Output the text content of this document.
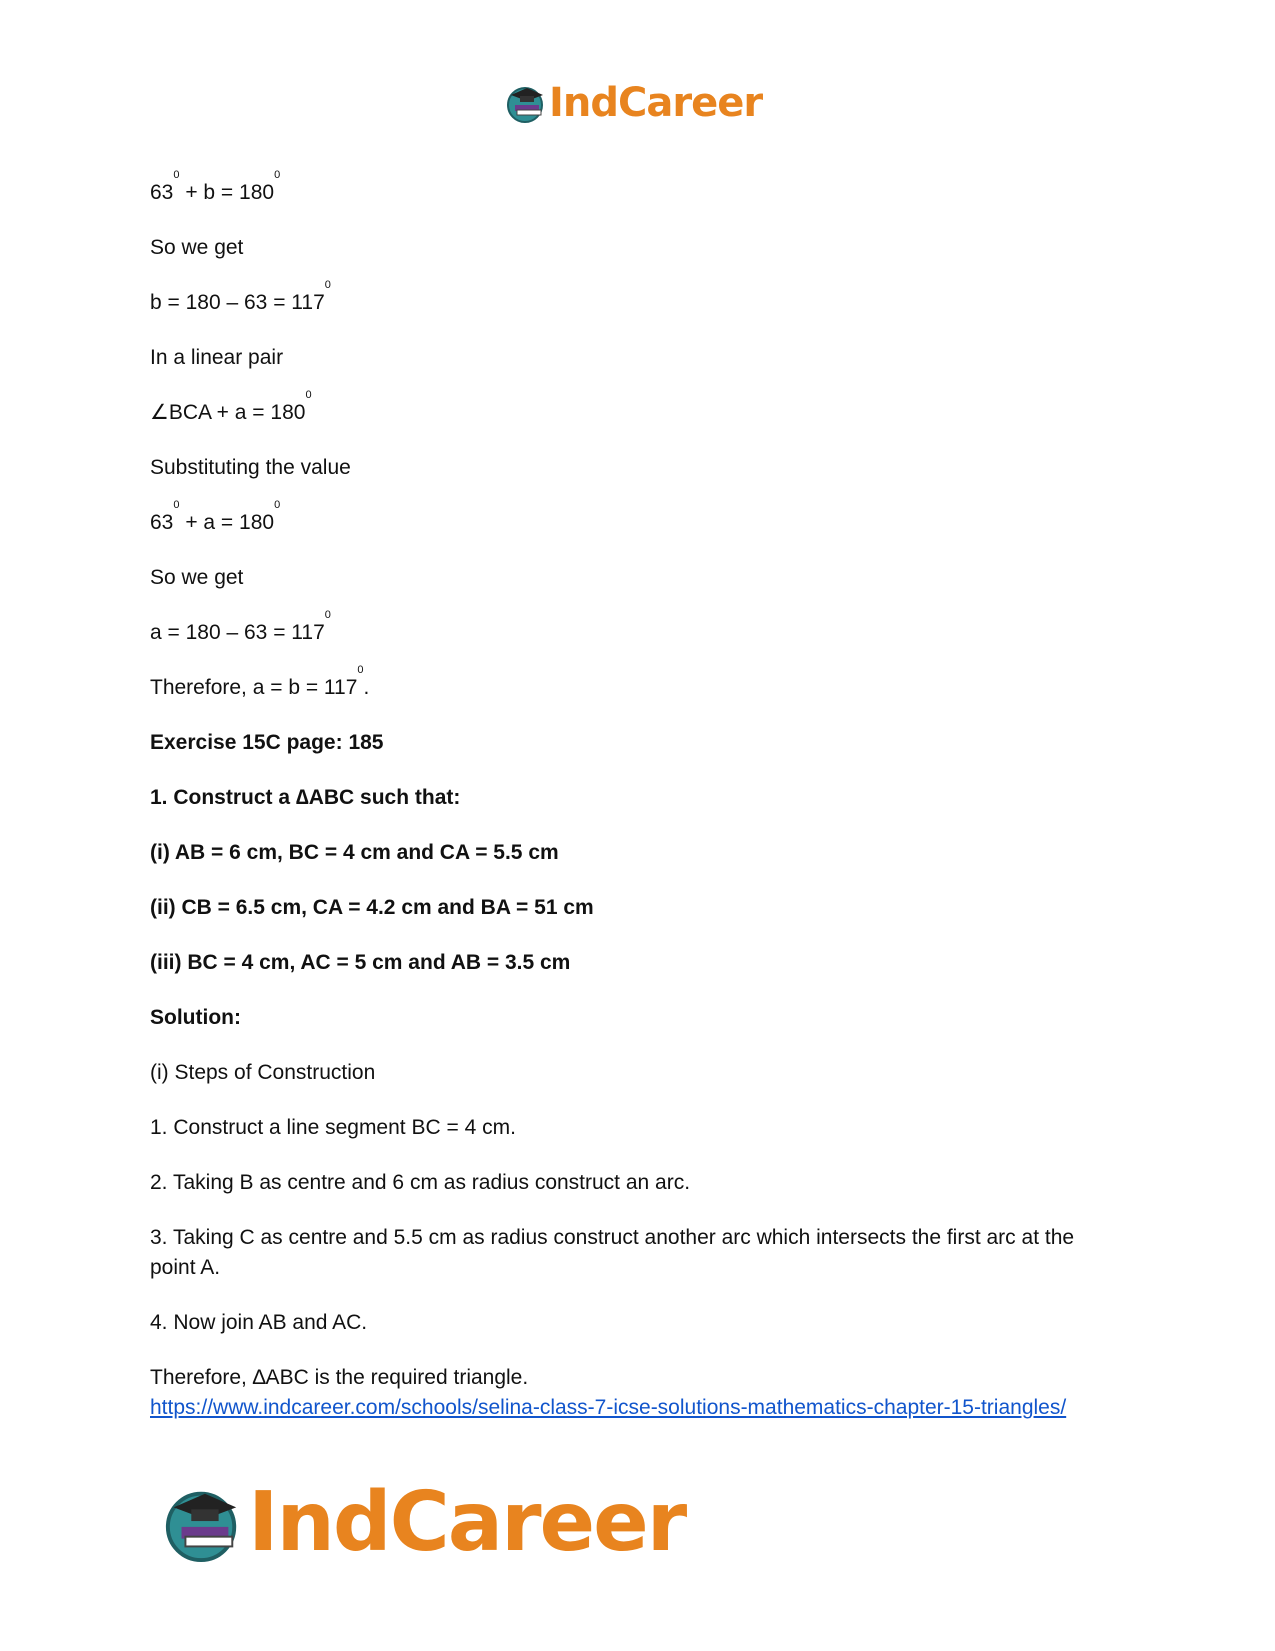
IndCareer
$63^0 + b = 180^0$
So we get
$b = 180 - 63 = 117^0$
In a linear pair
∠BCA + $a = 180^0$
Substituting the value
$63^0 + a = 180^0$
So we get
$a = 180 - 63 = 117^0$
Therefore, $a = b = 117^0$.
Exercise 15C page: 185
1. Construct a ∆ABC such that:
(i) AB = 6 cm, BC = 4 cm and CA = 5.5 cm
(ii) CB = 6.5 cm, CA = 4.2 cm and BA = 51 cm
(iii) BC = 4 cm, AC = 5 cm and AB = 3.5 cm
Solution:
(i) Steps of Construction
1. Construct a line segment BC = 4 cm.
2. Taking B as centre and 6 cm as radius construct an arc.
3. Taking C as centre and 5.5 cm as radius construct another arc which intersects the first arc at the point A.
4. Now join AB and AC.
Therefore, ∆ABC is the required triangle.
https://www.indcareer.com/schools/selina-class-7-icse-solutions-mathematics-chapter-15-triangles/
IndCareer
